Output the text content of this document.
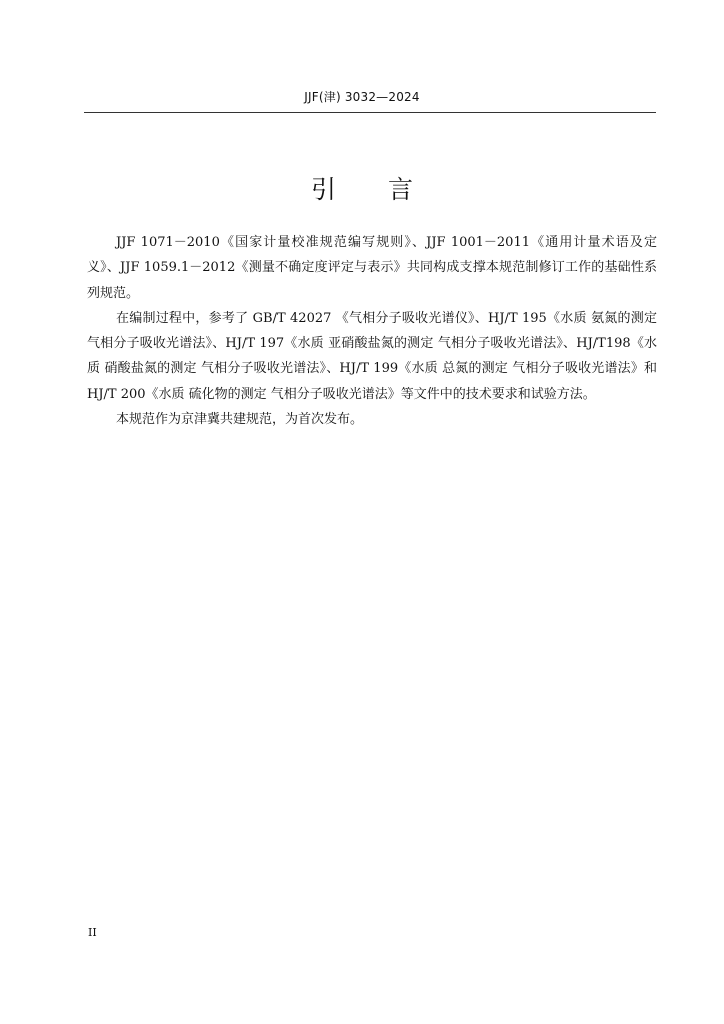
JJF(津) 3032—2024
引言

JJF 1071－2010《国家计量校准规范编写规则》、JJF 1001－2011《通用计量术语及定义》、JJF 1059.1－2012《测量不确定度评定与表示》共同构成支撑本规范制修订工作的基础性系列规范。

在编制过程中，参考了 GB/T 42027 《气相分子吸收光谱仪》、HJ/T 195《水质 氨氮的测定 气相分子吸收光谱法》、HJ/T 197《水质 亚硝酸盐氮的测定 气相分子吸收光谱法》、HJ/T198《水质 硝酸盐氮的测定 气相分子吸收光谱法》、HJ/T 199《水质 总氮的测定 气相分子吸收光谱法》和 HJ/T 200《水质 硫化物的测定 气相分子吸收光谱法》等文件中的技术要求和试验方法。

本规范作为京津冀共建规范，为首次发布。

II
